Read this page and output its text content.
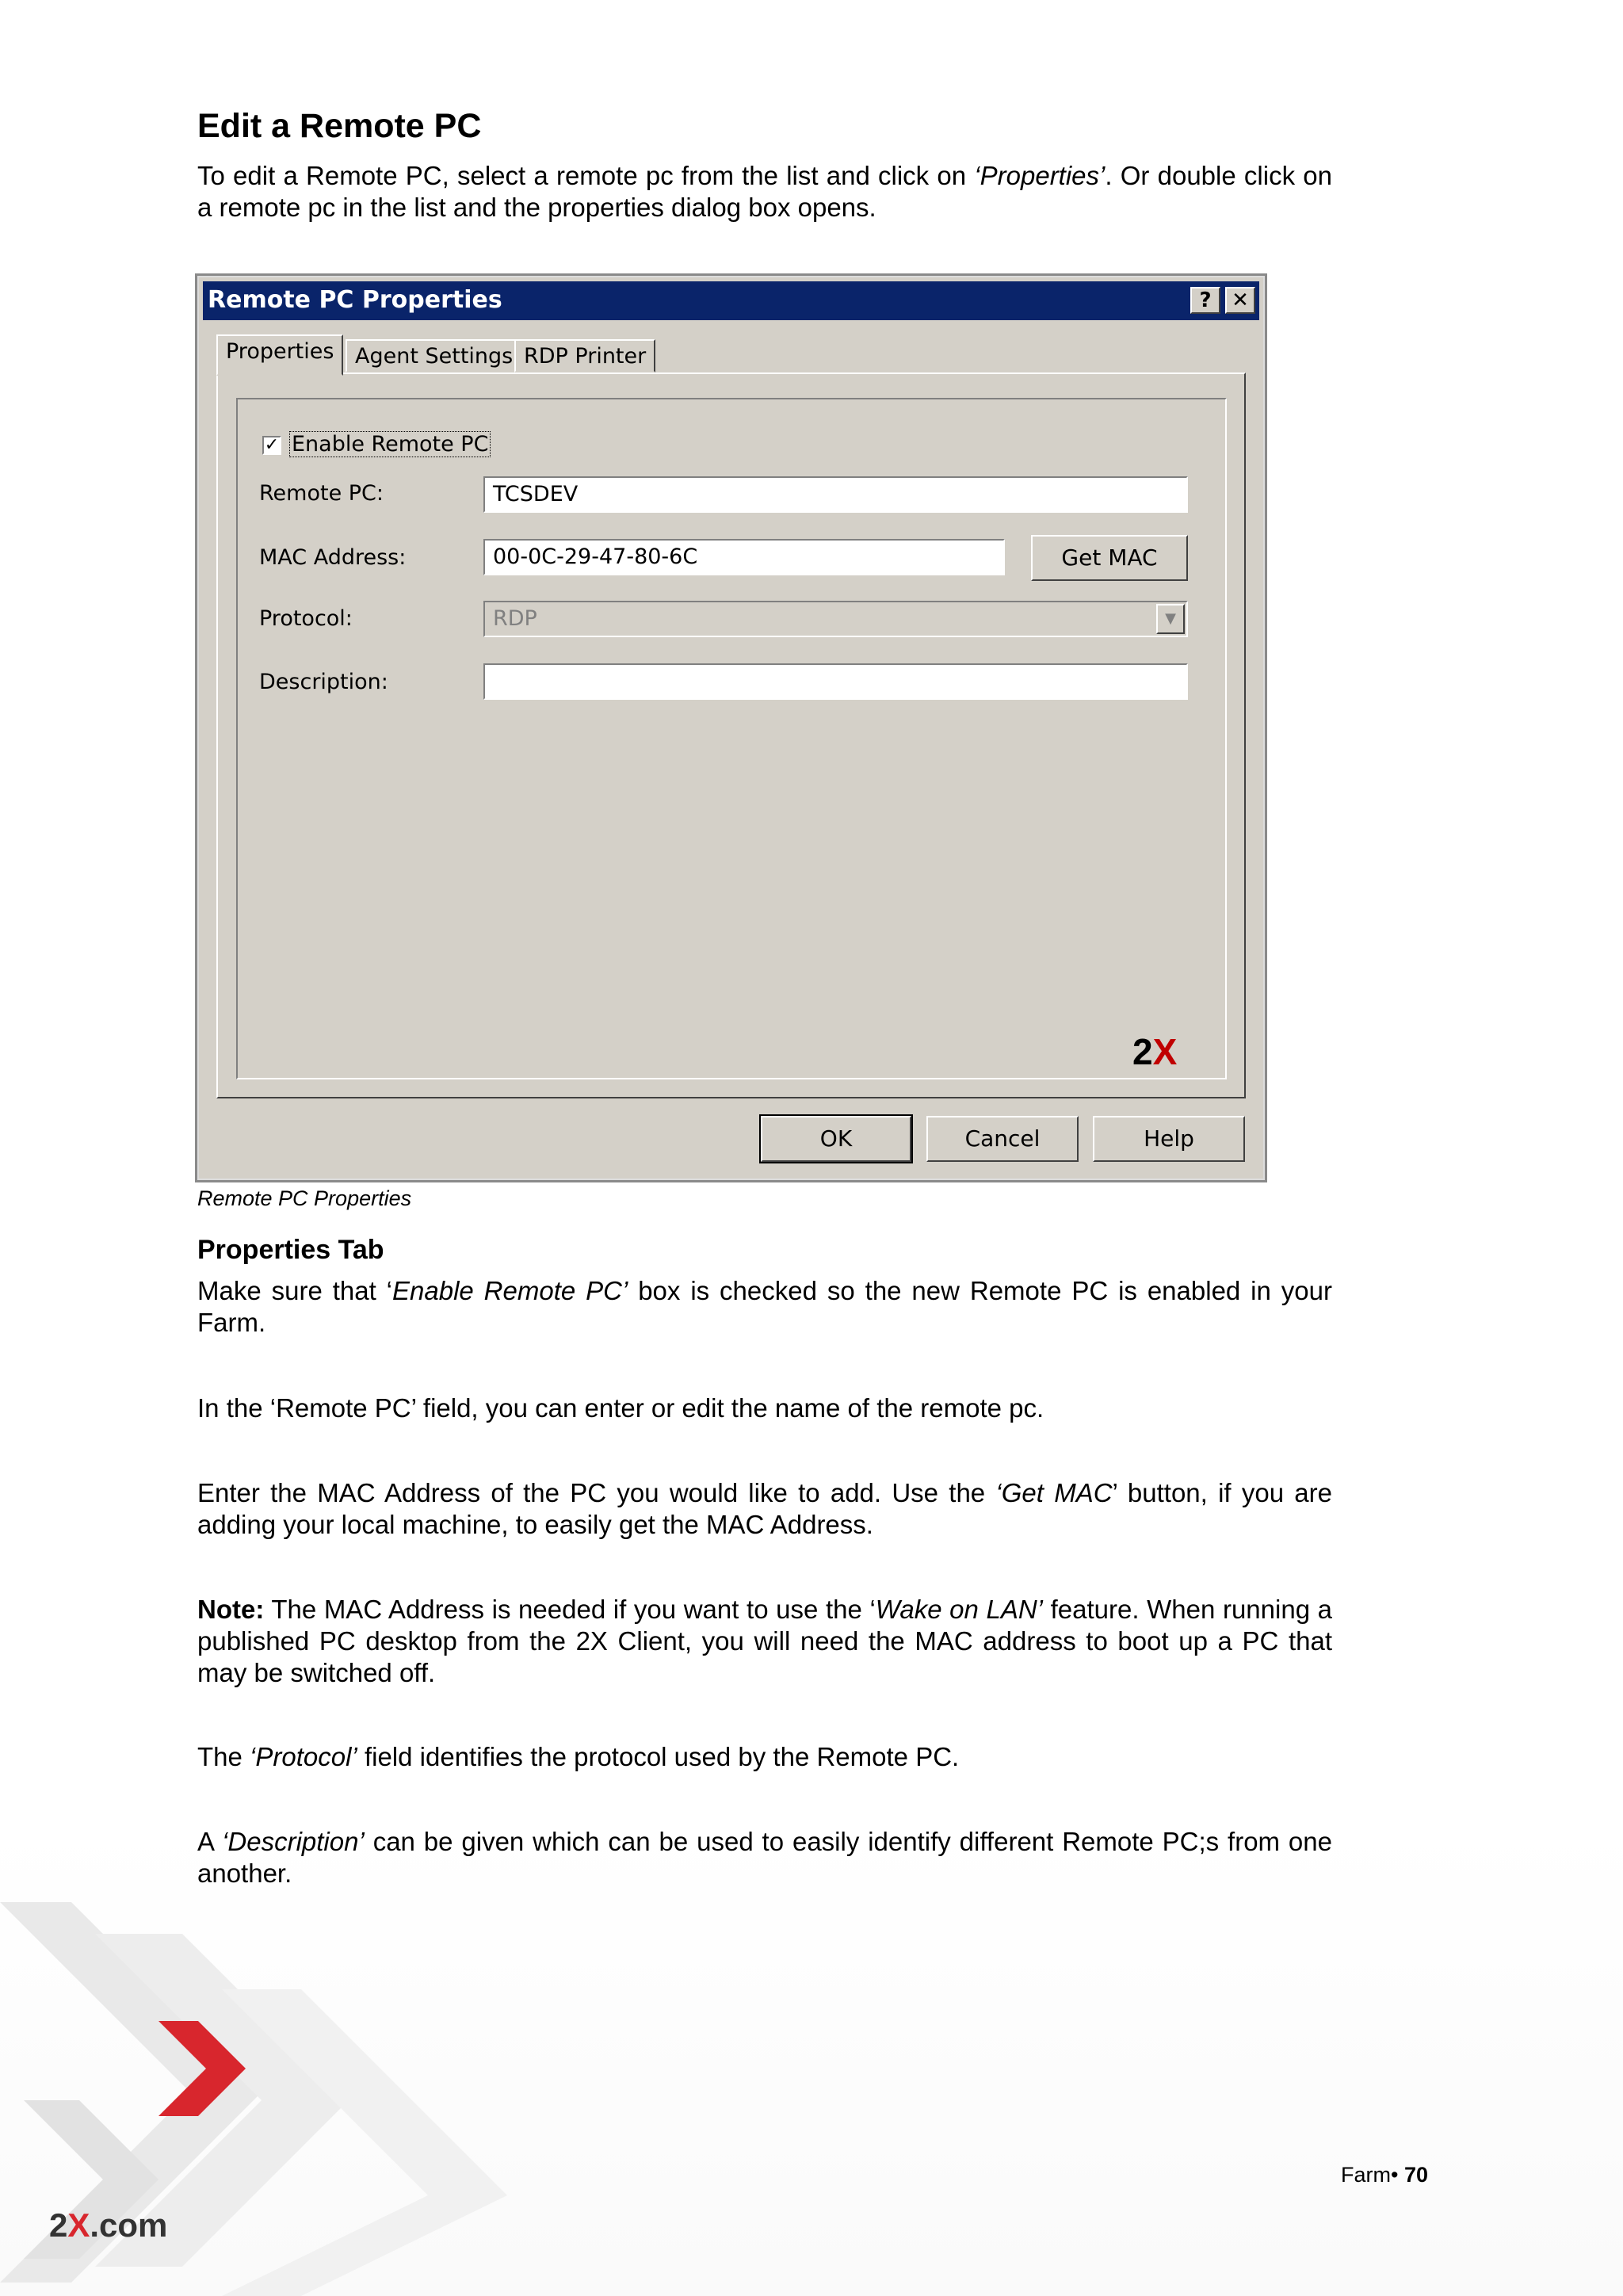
Edit a Remote PC

To edit a Remote PC, select a remote pc from the list and click on ‘Properties’. Or double click on a remote pc in the list and the properties dialog box opens.

Remote PC Properties	? ✕
Properties Agent Settings RDP Printer
✓ Enable Remote PC
Remote PC:	TCSDEV
MAC Address:	00-0C-29-47-80-6C	Get MAC
Protocol:	RDP	▼
Description:
2X
OK	Cancel	Help

Remote PC Properties

Properties Tab

Make sure that ‘Enable Remote PC’ box is checked so the new Remote PC is enabled in your Farm.

In the ‘Remote PC’ field, you can enter or edit the name of the remote pc.

Enter the MAC Address of the PC you would like to add. Use the ‘Get MAC’ button, if you are adding your local machine, to easily get the MAC Address.

Note: The MAC Address is needed if you want to use the ‘Wake on LAN’ feature. When running a published PC desktop from the 2X Client, you will need the MAC address to boot up a PC that may be switched off.

The ‘Protocol’ field identifies the protocol used by the Remote PC.

A ‘Description’ can be given which can be used to easily identify different Remote PC;s from one another.

2X.com
Farm• 70
